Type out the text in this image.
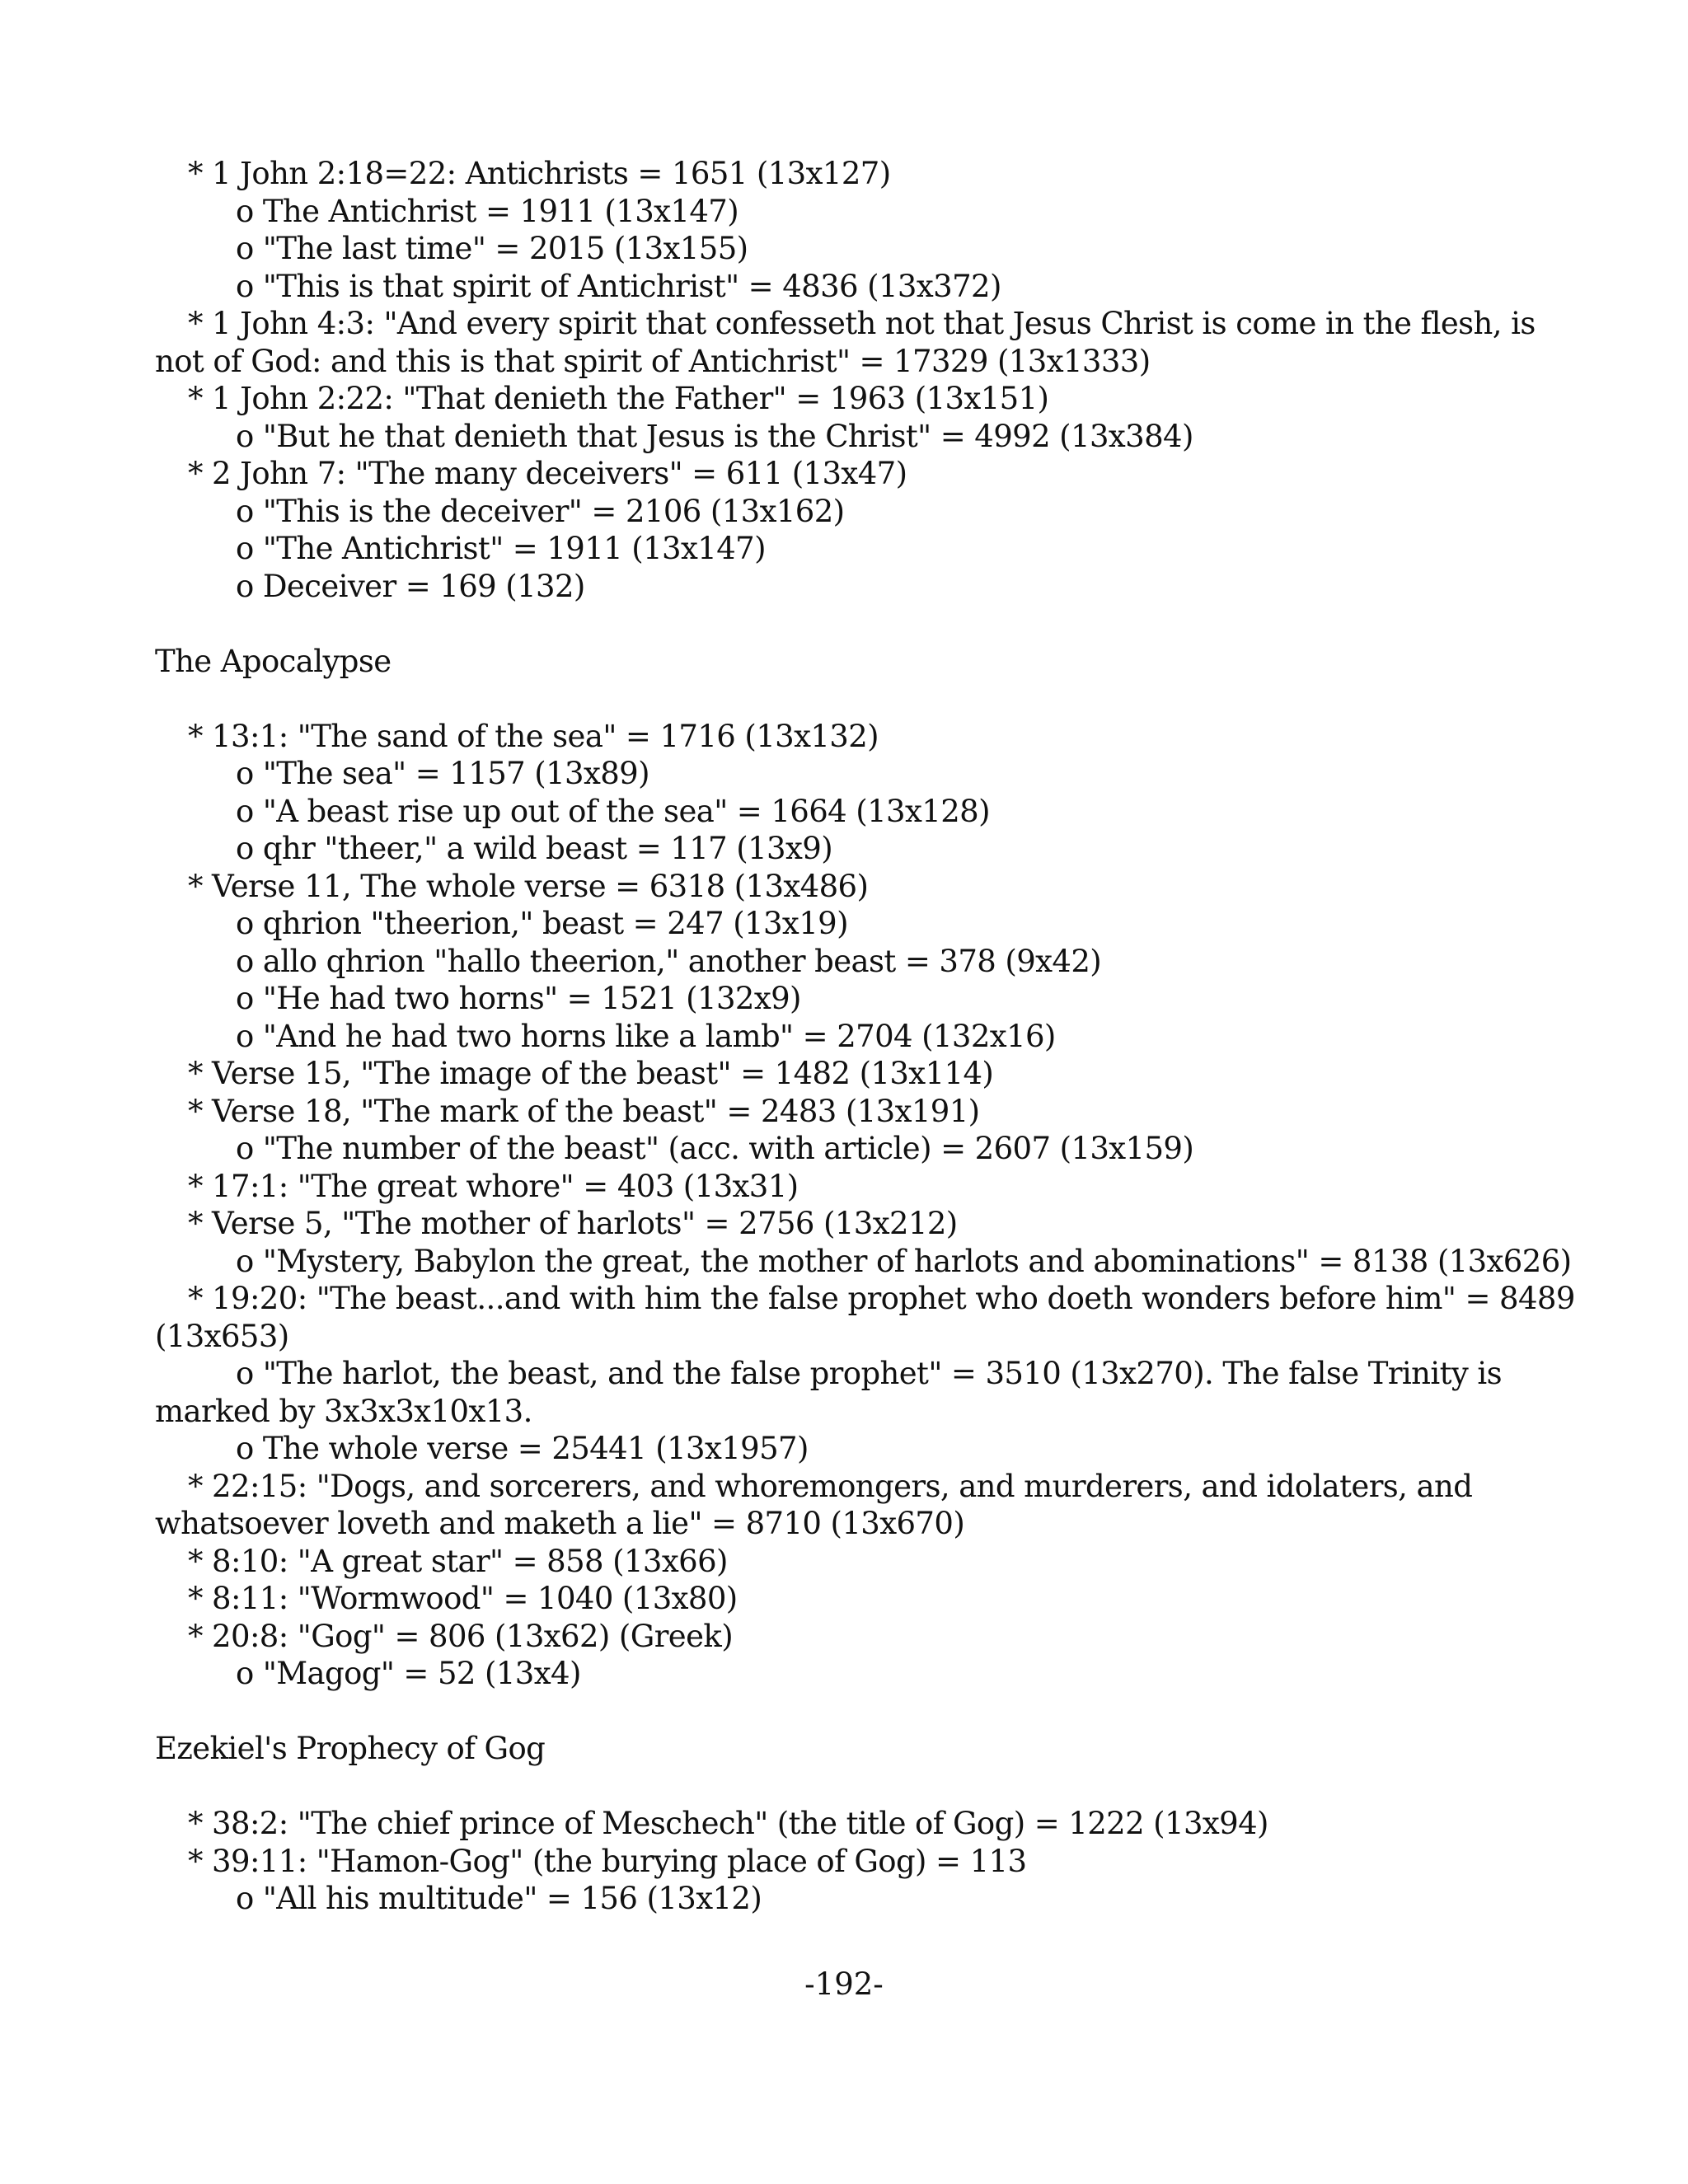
* 1 John 2:18=22: Antichrists = 1651 (13x127)
o The Antichrist = 1911 (13x147)
o "The last time" = 2015 (13x155)
o "This is that spirit of Antichrist" = 4836 (13x372)
* 1 John 4:3: "And every spirit that confesseth not that Jesus Christ is come in the flesh, is
not of God: and this is that spirit of Antichrist" = 17329 (13x1333)
* 1 John 2:22: "That denieth the Father" = 1963 (13x151)
o "But he that denieth that Jesus is the Christ" = 4992 (13x384)
* 2 John 7: "The many deceivers" = 611 (13x47)
o "This is the deceiver" = 2106 (13x162)
o "The Antichrist" = 1911 (13x147)
o Deceiver = 169 (132)
The Apocalypse
* 13:1: "The sand of the sea" = 1716 (13x132)
o "The sea" = 1157 (13x89)
o "A beast rise up out of the sea" = 1664 (13x128)
o qhr "theer," a wild beast = 117 (13x9)
* Verse 11, The whole verse = 6318 (13x486)
o qhrion "theerion," beast = 247 (13x19)
o allo qhrion "hallo theerion," another beast = 378 (9x42)
o "He had two horns" = 1521 (132x9)
o "And he had two horns like a lamb" = 2704 (132x16)
* Verse 15, "The image of the beast" = 1482 (13x114)
* Verse 18, "The mark of the beast" = 2483 (13x191)
o "The number of the beast" (acc. with article) = 2607 (13x159)
* 17:1: "The great whore" = 403 (13x31)
* Verse 5, "The mother of harlots" = 2756 (13x212)
o "Mystery, Babylon the great, the mother of harlots and abominations" = 8138 (13x626)
* 19:20: "The beast...and with him the false prophet who doeth wonders before him" = 8489
(13x653)
o "The harlot, the beast, and the false prophet" = 3510 (13x270). The false Trinity is
marked by 3x3x3x10x13.
o The whole verse = 25441 (13x1957)
* 22:15: "Dogs, and sorcerers, and whoremongers, and murderers, and idolaters, and
whatsoever loveth and maketh a lie" = 8710 (13x670)
* 8:10: "A great star" = 858 (13x66)
* 8:11: "Wormwood" = 1040 (13x80)
* 20:8: "Gog" = 806 (13x62) (Greek)
o "Magog" = 52 (13x4)
Ezekiel's Prophecy of Gog
* 38:2: "The chief prince of Meschech" (the title of Gog) = 1222 (13x94)
* 39:11: "Hamon-Gog" (the burying place of Gog) = 113
o "All his multitude" = 156 (13x12)
-192-
